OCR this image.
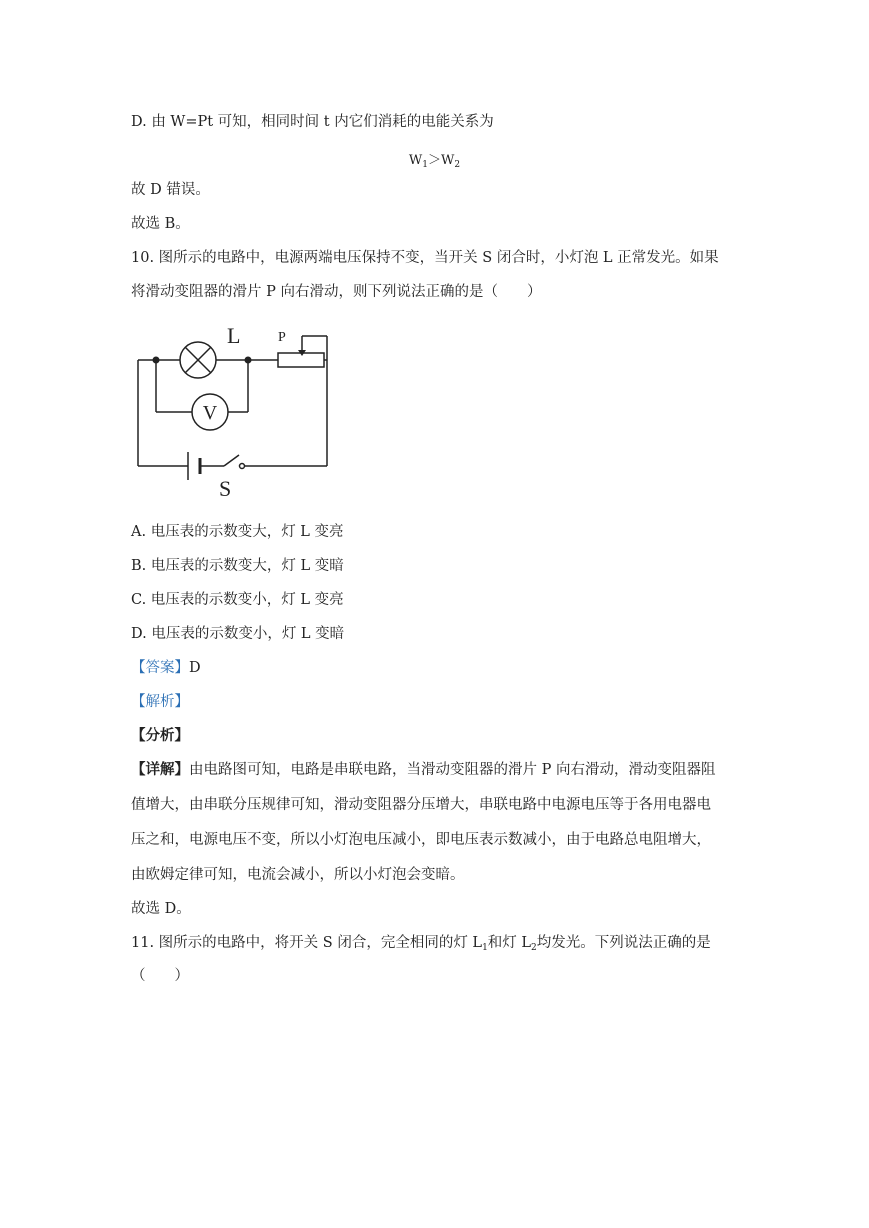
D. 由 W=Pt 可知，相同时间 t 内它们消耗的电能关系为
$W_1>W_2$
故 D 错误。
故选 B。
10. 图所示的电路中，电源两端电压保持不变，当开关 S 闭合时，小灯泡 L 正常发光。如果
将滑动变阻器的滑片 P 向右滑动，则下列说法正确的是（　　）
L	P
V
S
A. 电压表的示数变大，灯 L 变亮
B. 电压表的示数变大，灯 L 变暗
C. 电压表的示数变小，灯 L 变亮
D. 电压表的示数变小，灯 L 变暗
【答案】D
【解析】
【分析】
【详解】由电路图可知，电路是串联电路，当滑动变阻器的滑片 P 向右滑动，滑动变阻器阻
值增大，由串联分压规律可知，滑动变阻器分压增大，串联电路中电源电压等于各用电器电
压之和，电源电压不变，所以小灯泡电压减小，即电压表示数减小，由于电路总电阻增大，
由欧姆定律可知，电流会减小，所以小灯泡会变暗。
故选 D。
11. 图所示的电路中，将开关 S 闭合，完全相同的灯 $L_1$和灯 $L_2$均发光。下列说法正确的是
（　　）
